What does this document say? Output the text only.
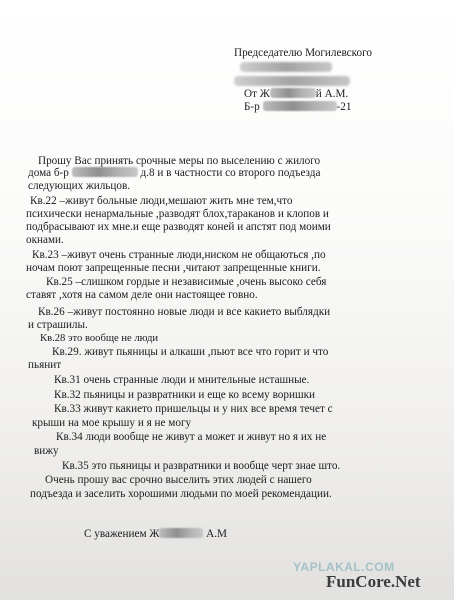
Председателю Могилевского
От Ж	й А.М.
Б-р	-21
Прошу Вас принять срочные меры по выселению с жилого
дома б-р	д.8 и в частности со второго подъезда
следующих жильцов.
Кв.22 –живут больные люди,мешают жить мне тем,что
психически ненармальные ,разводят блох,тараканов и клопов и
подбрасывают их мне.и еще разводят коней и апстят под моими
окнами.
Кв.23 –живут очень странные люди,ниском не общаються ,по
ночам поют запрещенные песни ,читают запрещенные книги.
Кв.25 –слишком гордые и независимые ,очень высоко себя
ставят ,хотя на самом деле они настоящее говно.
Кв.26 –живут постоянно новые люди и все какието выблядки
и страшилы.
Кв.28 это вообще не люди
Кв.29. живут пьяницы и алкаши ,пьют все что горит и что
пьянит
Кв.31 очень странные люди и мнительные исташные.
Кв.32 пьяницы и развратники и еще ко всему воришки
Кв.33 живут какието пришельцы и у них все время течет с
крыши на мое крышу и я не могу
Кв.34 люди вообще не живут а может и живут но я их не
вижу
Кв.35 это пьяницы и развратники и вообще черт знае што.
Очень прошу вас срочно выселить этих людей с нашего
подъезда и заселить хорошими людьми по моей рекомендации.
С уважением Ж	А.М
YAPLAKAL.COM
FunCore.Net
